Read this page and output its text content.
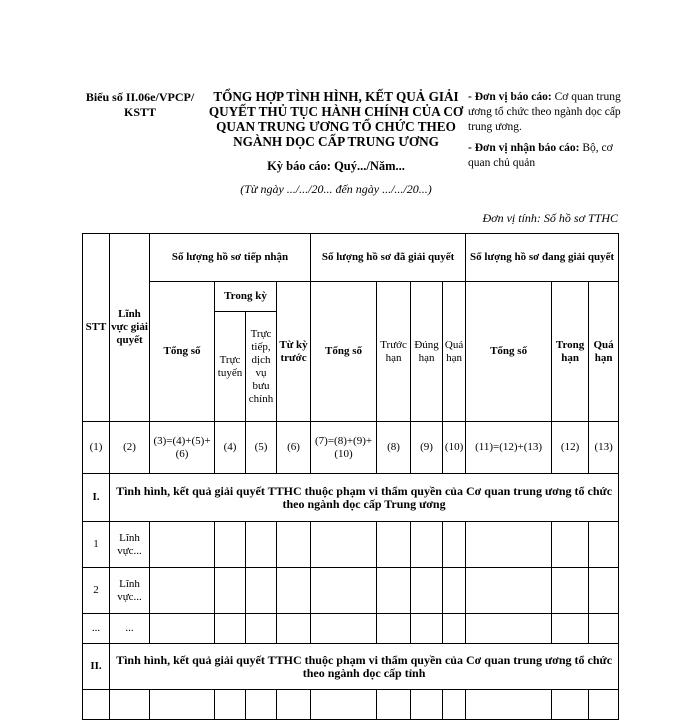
Biểu số II.06e/VPCP/KSTT
TỔNG HỢP TÌNH HÌNH, KẾT QUẢ GIẢI QUYẾT THỦ TỤC HÀNH CHÍNH CỦA CƠ QUAN TRUNG ƯƠNG TỔ CHỨC THEO NGÀNH DỌC CẤP TRUNG ƯƠNG
Kỳ báo cáo: Quý.../Năm...
(Từ ngày .../.../20... đến ngày .../.../20...)
- Đơn vị báo cáo: Cơ quan trung ương tổ chức theo ngành dọc cấp trung ương.
- Đơn vị nhận báo cáo: Bộ, cơ quan chủ quản
Đơn vị tính: Số hồ sơ TTHC
STT	Lĩnh vực giải quyết	Số lượng hồ sơ tiếp nhận				Số lượng hồ sơ đã giải quyết				Số lượng hồ sơ đang giải quyết		
		Tổng số	Trong kỳ		Từ kỳ trước	Tổng số	Trước hạn	Đúng hạn	Quá hạn	Tổng số	Trong hạn	Quá hạn
			Trực tuyến	Trực tiếp, dịch vụ bưu chính								
(1)	(2)	(3)=(4)+(5)+(6)	(4)	(5)	(6)	(7)=(8)+(9)+(10)	(8)	(9)	(10)	(11)=(12)+(13)	(12)	(13)
I.	Tình hình, kết quả giải quyết TTHC thuộc phạm vi thẩm quyền của Cơ quan trung ương tổ chức theo ngành dọc cấp Trung ương											
1	Lĩnh vực...											
2	Lĩnh vực...											
...	...											
II.	Tình hình, kết quả giải quyết TTHC thuộc phạm vi thẩm quyền của Cơ quan trung ương tổ chức theo ngành dọc cấp tỉnh											
